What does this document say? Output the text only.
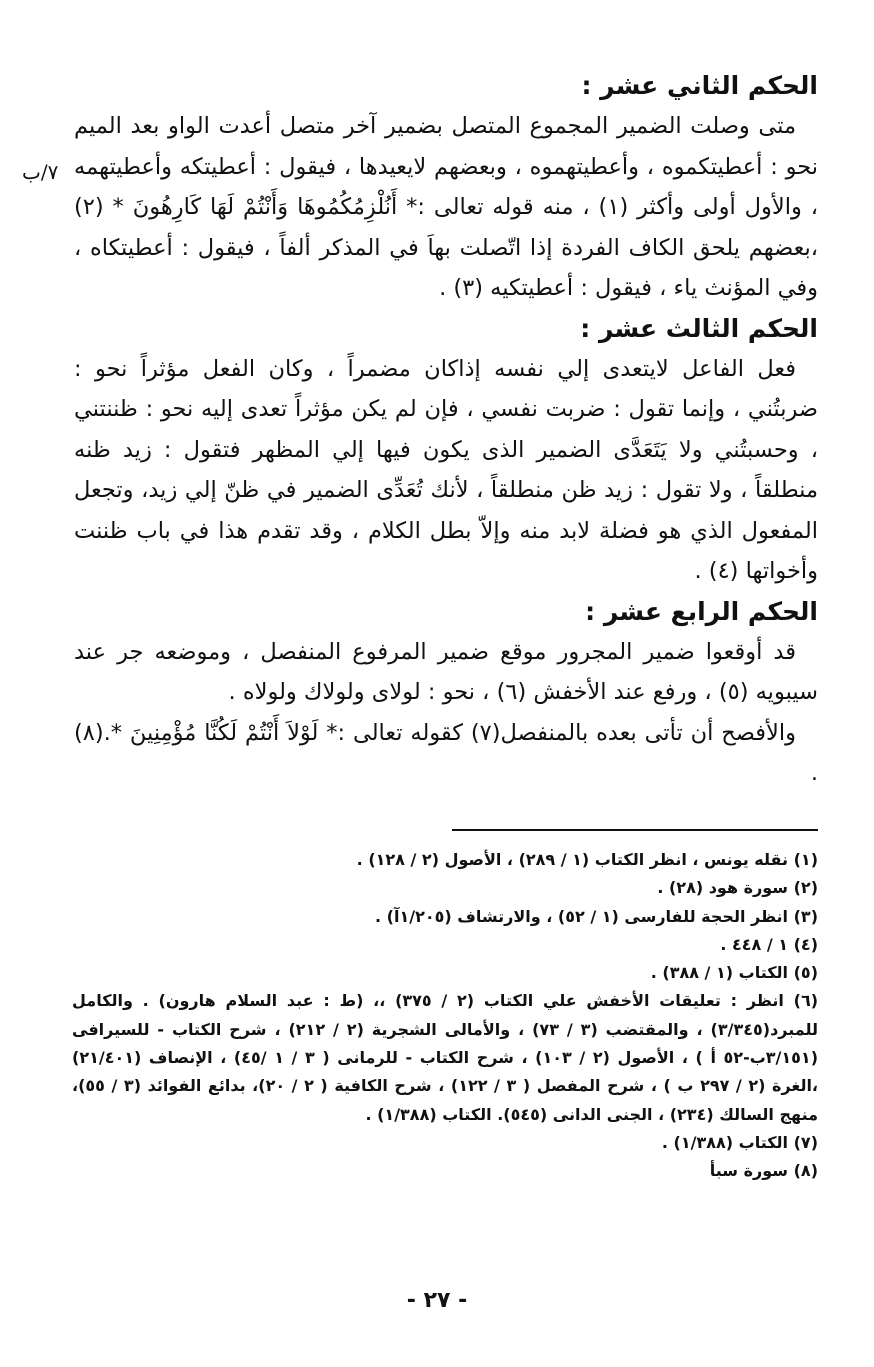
٧/ب
الحكم الثاني عشر :

متى وصلت الضمير المجموع المتصل بضمير آخر متصل أعدت الواو بعد الميم نحو : أعطيتكموه ، وأعطيتهموه ، وبعضهم لايعيدها ، فيقول : أعطيتكه وأعطيتهمه ، والأول أولى وأكثر (١) ، منه قوله تعالى :* أَنُلْزِمُكُمُوهَا وَأَنْتُمْ لَهَا كَارِهُونَ * (٢) ،بعضهم يلحق الكاف الفردة إذا اتّصلت بهاَ في المذكر ألفاً ، فيقول : أعطيتكاه ، وفي المؤنث ياء ، فيقول : أعطيتكيه (٣) .

الحكم الثالث عشر :

فعل الفاعل لايتعدى إلي نفسه إذاكان مضمراً ، وكان الفعل مؤثراً نحو : ضربتُني ، وإنما تقول : ضربت نفسي ، فإن لم يكن مؤثراً تعدى إليه نحو : ظننتني ، وحسبتُني ولا يَتَعَدَّى الضمير الذى يكون فيها إلي المظهر فتقول : زيد ظنه منطلقاً ، ولا تقول : زيد ظن منطلقاً ، لأنك تُعَدِّى الضمير في ظنّ إلي زيد، وتجعل المفعول الذي هو فضلة لابد منه وإلاّ بطل الكلام ، وقد تقدم هذا في باب ظننت وأخواتها (٤) .

الحكم الرابع عشر :

قد أوقعوا ضمير المجرور موقع ضمير المرفوع المنفصل ، وموضعه جر عند سيبويه (٥) ، ورفع عند الأخفش (٦) ، نحو : لولاى ولولاك ولولاه .

والأفصح أن تأتى بعده بالمنفصل(٧) كقوله تعالى :* لَوْلاَ أَنْتُمْ لَكُنَّا مُؤْمِنِينَ *.(٨) .

(١) نقله يونس ، انظر الكتاب (١ / ٢٨٩) ، الأصول (٢ / ١٢٨) .
(٢) سورة هود (٢٨) .
(٣) انظر الحجة للفارسى (١ / ٥٢) ، والارتشاف (١/٢٠٥آ) .
(٤) ١ / ٤٤٨ .
(٥) الكتاب (١ / ٣٨٨) .
(٦) انظر : تعليقات الأخفش علي الكتاب (٢ / ٣٧٥) ،، (ط : عبد السلام هارون) . والكامل للمبرد(٣/٣٤٥) ، والمقتضب (٣ / ٧٣) ، والأمالى الشجرية (٢ / ٢١٢) ، شرح الكتاب - للسيرافى (٣/١٥١ب-٥٢ أ ) ، الأصول (٢ / ١٠٣) ، شرح الكتاب - للرمانى ( ٣ / ١ /٤٥) ، الإنصاف (٢١/٤٠١) ،الغرة (٢ / ٢٩٧ ب ) ، شرح المفصل ( ٣ / ١٢٢) ، شرح الكافية ( ٢ / ٢٠)، بدائع الفوائد (٣ / ٥٥)، منهج السالك (٢٣٤) ، الجنى الدانى (٥٤٥). الكتاب (١/٣٨٨) .
(٧) الكتاب (١/٣٨٨) .
(٨) سورة سبأ
- ٢٧ -
